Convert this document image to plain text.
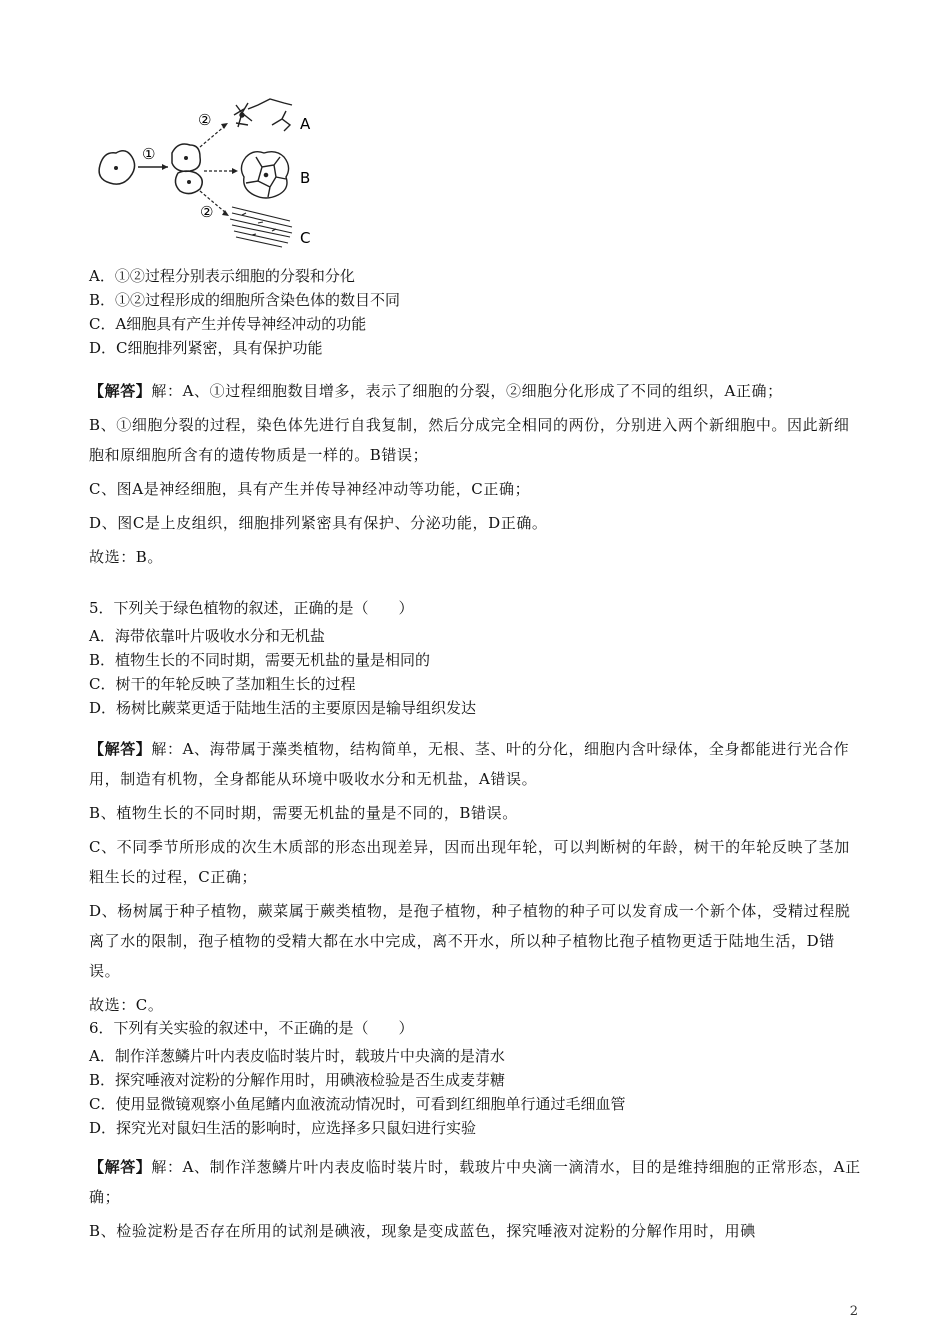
①
②
②
A
B
C
A．①②过程分别表示细胞的分裂和分化
B．①②过程形成的细胞所含染色体的数目不同
C．A细胞具有产生并传导神经冲动的功能
D．C细胞排列紧密，具有保护功能

【解答】解：A、①过程细胞数目增多，表示了细胞的分裂，②细胞分化形成了不同的组织，A正确；

B、①细胞分裂的过程，染色体先进行自我复制，然后分成完全相同的两份，分别进入两个新细胞中。因此新细胞和原细胞所含有的遗传物质是一样的。B错误；

C、图A是神经细胞，具有产生并传导神经冲动等功能，C正确；

D、图C是上皮组织，细胞排列紧密具有保护、分泌功能，D正确。

故选：B。

5．下列关于绿色植物的叙述，正确的是（　　）
A．海带依靠叶片吸收水分和无机盐
B．植物生长的不同时期，需要无机盐的量是相同的
C．树干的年轮反映了茎加粗生长的过程
D．杨树比蕨菜更适于陆地生活的主要原因是输导组织发达

【解答】解：A、海带属于藻类植物，结构简单，无根、茎、叶的分化，细胞内含叶绿体，全身都能进行光合作用，制造有机物，全身都能从环境中吸收水分和无机盐，A错误。

B、植物生长的不同时期，需要无机盐的量是不同的，B错误。

C、不同季节所形成的次生木质部的形态出现差异，因而出现年轮，可以判断树的年龄，树干的年轮反映了茎加粗生长的过程，C正确；

D、杨树属于种子植物，蕨菜属于蕨类植物，是孢子植物，种子植物的种子可以发育成一个新个体，受精过程脱离了水的限制，孢子植物的受精大都在水中完成，离不开水，所以种子植物比孢子植物更适于陆地生活，D错误。

故选：C。

6．下列有关实验的叙述中，不正确的是（　　）
A．制作洋葱鳞片叶内表皮临时装片时，载玻片中央滴的是清水
B．探究唾液对淀粉的分解作用时，用碘液检验是否生成麦芽糖
C．使用显微镜观察小鱼尾鳍内血液流动情况时，可看到红细胞单行通过毛细血管
D．探究光对鼠妇生活的影响时，应选择多只鼠妇进行实验

【解答】解：A、制作洋葱鳞片叶内表皮临时装片时，载玻片中央滴一滴清水，目的是维持细胞的正常形态，A正确；

B、检验淀粉是否存在所用的试剂是碘液，现象是变成蓝色，探究唾液对淀粉的分解作用时，用碘

2
